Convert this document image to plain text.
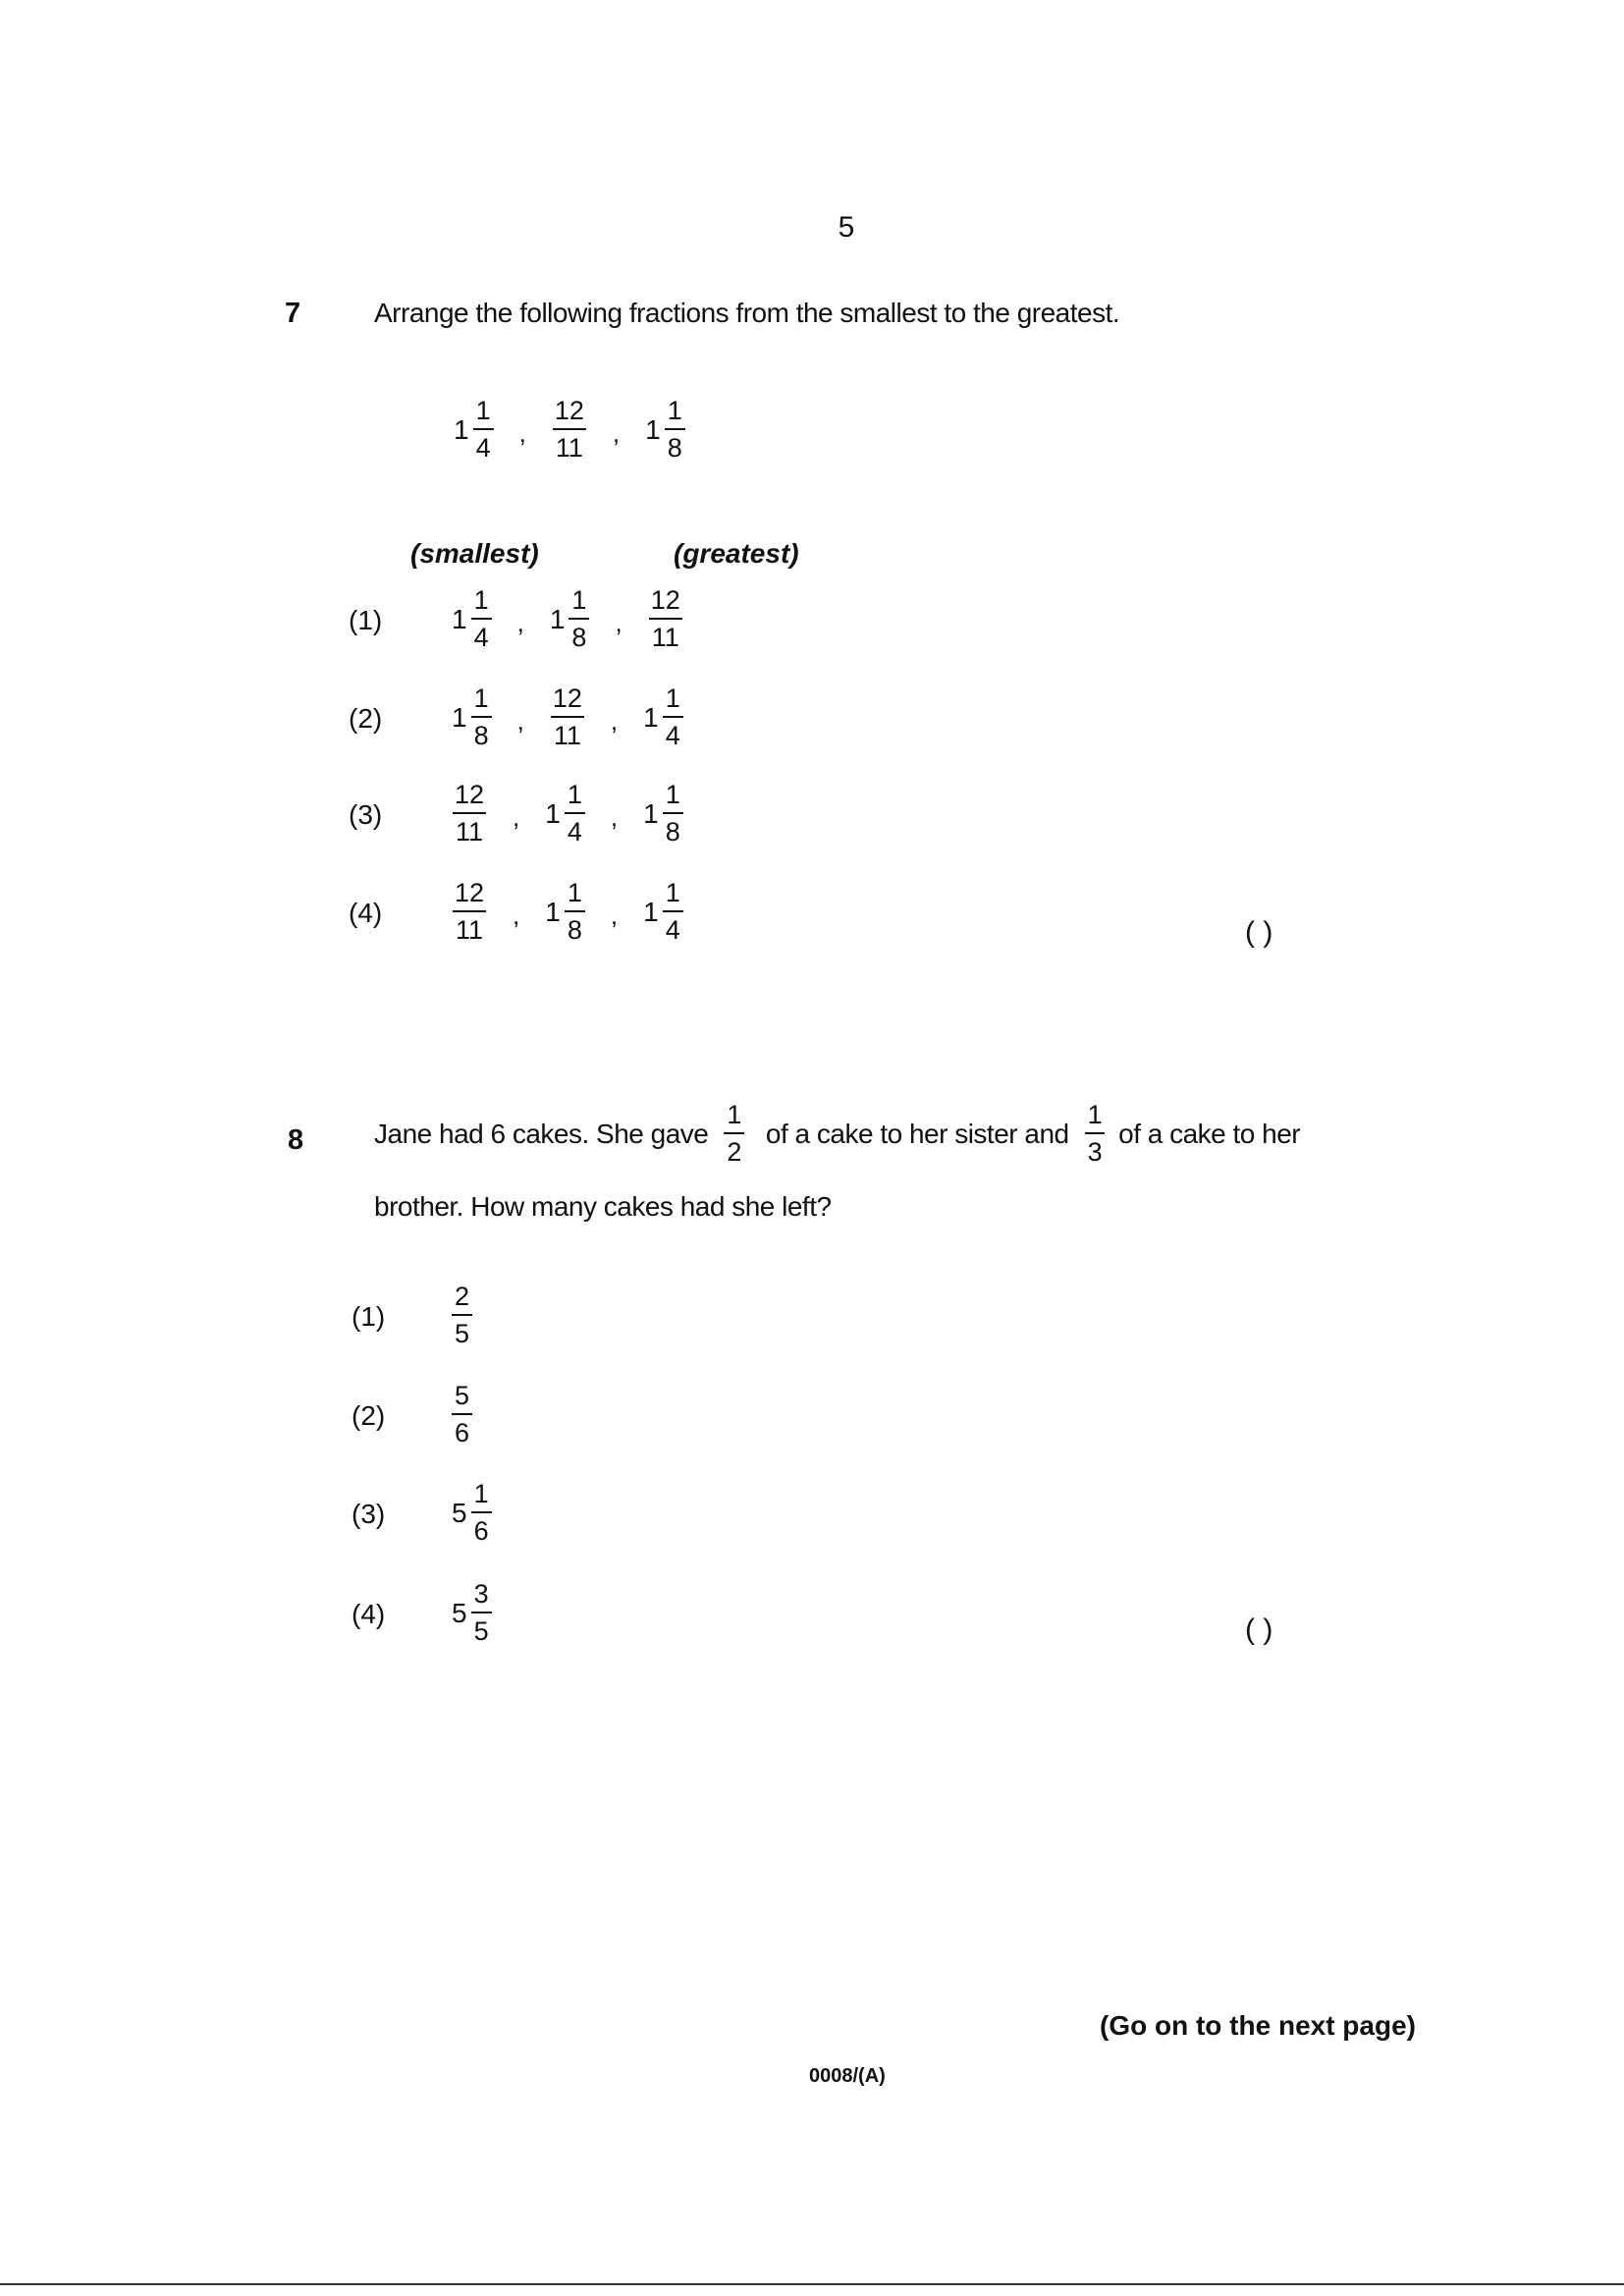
5
7	Arrange the following fractions from the smallest to the greatest.
$1 \frac{1}{4}$ , $\frac{12}{11}$ , $1 \frac{1}{8}$
(smallest)	(greatest)
(1)	$1 \frac{1}{4}$ , $1 \frac{1}{8}$ , $\frac{12}{11}$
(2)	$1 \frac{1}{8}$ , $\frac{12}{11}$ , $1 \frac{1}{4}$
(3)	$\frac{12}{11}$ , $1 \frac{1}{4}$ , $1 \frac{1}{8}$
(4)	$\frac{12}{11}$ , $1 \frac{1}{8}$ , $1 \frac{1}{4}$	( )
8	Jane had 6 cakes. She gave $\frac{1}{2}$ of a cake to her sister and $\frac{1}{3}$ of a cake to her
brother. How many cakes had she left?
(1)	$\frac{2}{5}$
(2)	$\frac{5}{6}$
(3) $5 \frac{1}{6}$
(4) $5 \frac{3}{5}$	( )
(Go on to the next page)
0008/(A)
